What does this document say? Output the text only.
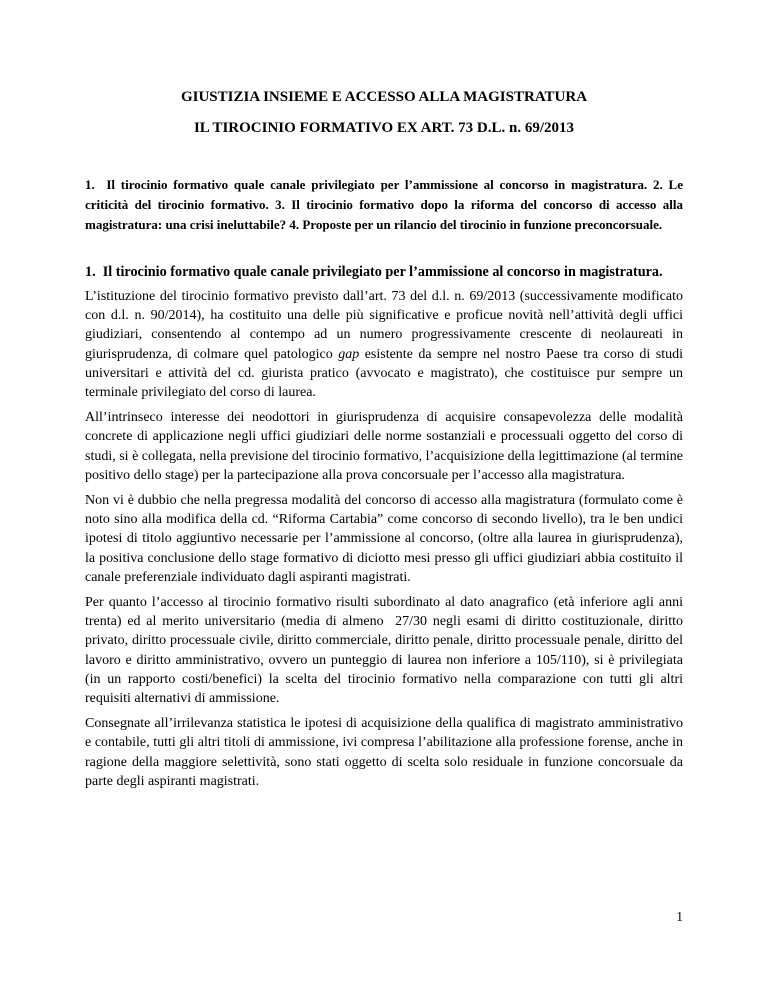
GIUSTIZIA INSIEME E ACCESSO ALLA MAGISTRATURA
IL TIROCINIO FORMATIVO EX ART. 73 D.L. n. 69/2013

1.  Il tirocinio formativo quale canale privilegiato per l’ammissione al concorso in magistratura. 2. Le criticità del tirocinio formativo. 3. Il tirocinio formativo dopo la riforma del concorso di accesso alla magistratura: una crisi ineluttabile? 4. Proposte per un rilancio del tirocinio in funzione preconcorsuale.

1.  Il tirocinio formativo quale canale privilegiato per l’ammissione al concorso in magistratura.

L’istituzione del tirocinio formativo previsto dall’art. 73 del d.l. n. 69/2013 (successivamente modificato con d.l. n. 90/2014), ha costituito una delle più significative e proficue novità nell’attività degli uffici giudiziari, consentendo al contempo ad un numero progressivamente crescente di neolaureati in giurisprudenza, di colmare quel patologico gap esistente da sempre nel nostro Paese tra corso di studi universitari e attività del cd. giurista pratico (avvocato e magistrato), che costituisce pur sempre un terminale privilegiato del corso di laurea.

All’intrinseco interesse dei neodottori in giurisprudenza di acquisire consapevolezza delle modalità concrete di applicazione negli uffici giudiziari delle norme sostanziali e processuali oggetto del corso di studi, si è collegata, nella previsione del tirocinio formativo, l’acquisizione della legittimazione (al termine positivo dello stage) per la partecipazione alla prova concorsuale per l’accesso alla magistratura.

Non vi è dubbio che nella pregressa modalità del concorso di accesso alla magistratura (formulato come è noto sino alla modifica della cd. “Riforma Cartabia” come concorso di secondo livello), tra le ben undici ipotesi di titolo aggiuntivo necessarie per l’ammissione al concorso, (oltre alla laurea in giurisprudenza), la positiva conclusione dello stage formativo di diciotto mesi presso gli uffici giudiziari abbia costituito il canale preferenziale individuato dagli aspiranti magistrati.

Per quanto l’accesso al tirocinio formativo risulti subordinato al dato anagrafico (età inferiore agli anni trenta) ed al merito universitario (media di almeno  27/30 negli esami di diritto costituzionale, diritto privato, diritto processuale civile, diritto commerciale, diritto penale, diritto processuale penale, diritto del lavoro e diritto amministrativo, ovvero un punteggio di laurea non inferiore a 105/110), si è privilegiata (in un rapporto costi/benefici) la scelta del tirocinio formativo nella comparazione con tutti gli altri requisiti alternativi di ammissione.

Consegnate all’irrilevanza statistica le ipotesi di acquisizione della qualifica di magistrato amministrativo e contabile, tutti gli altri titoli di ammissione, ivi compresa l’abilitazione alla professione forense, anche in ragione della maggiore selettività, sono stati oggetto di scelta solo residuale in funzione concorsuale da parte degli aspiranti magistrati.

1
